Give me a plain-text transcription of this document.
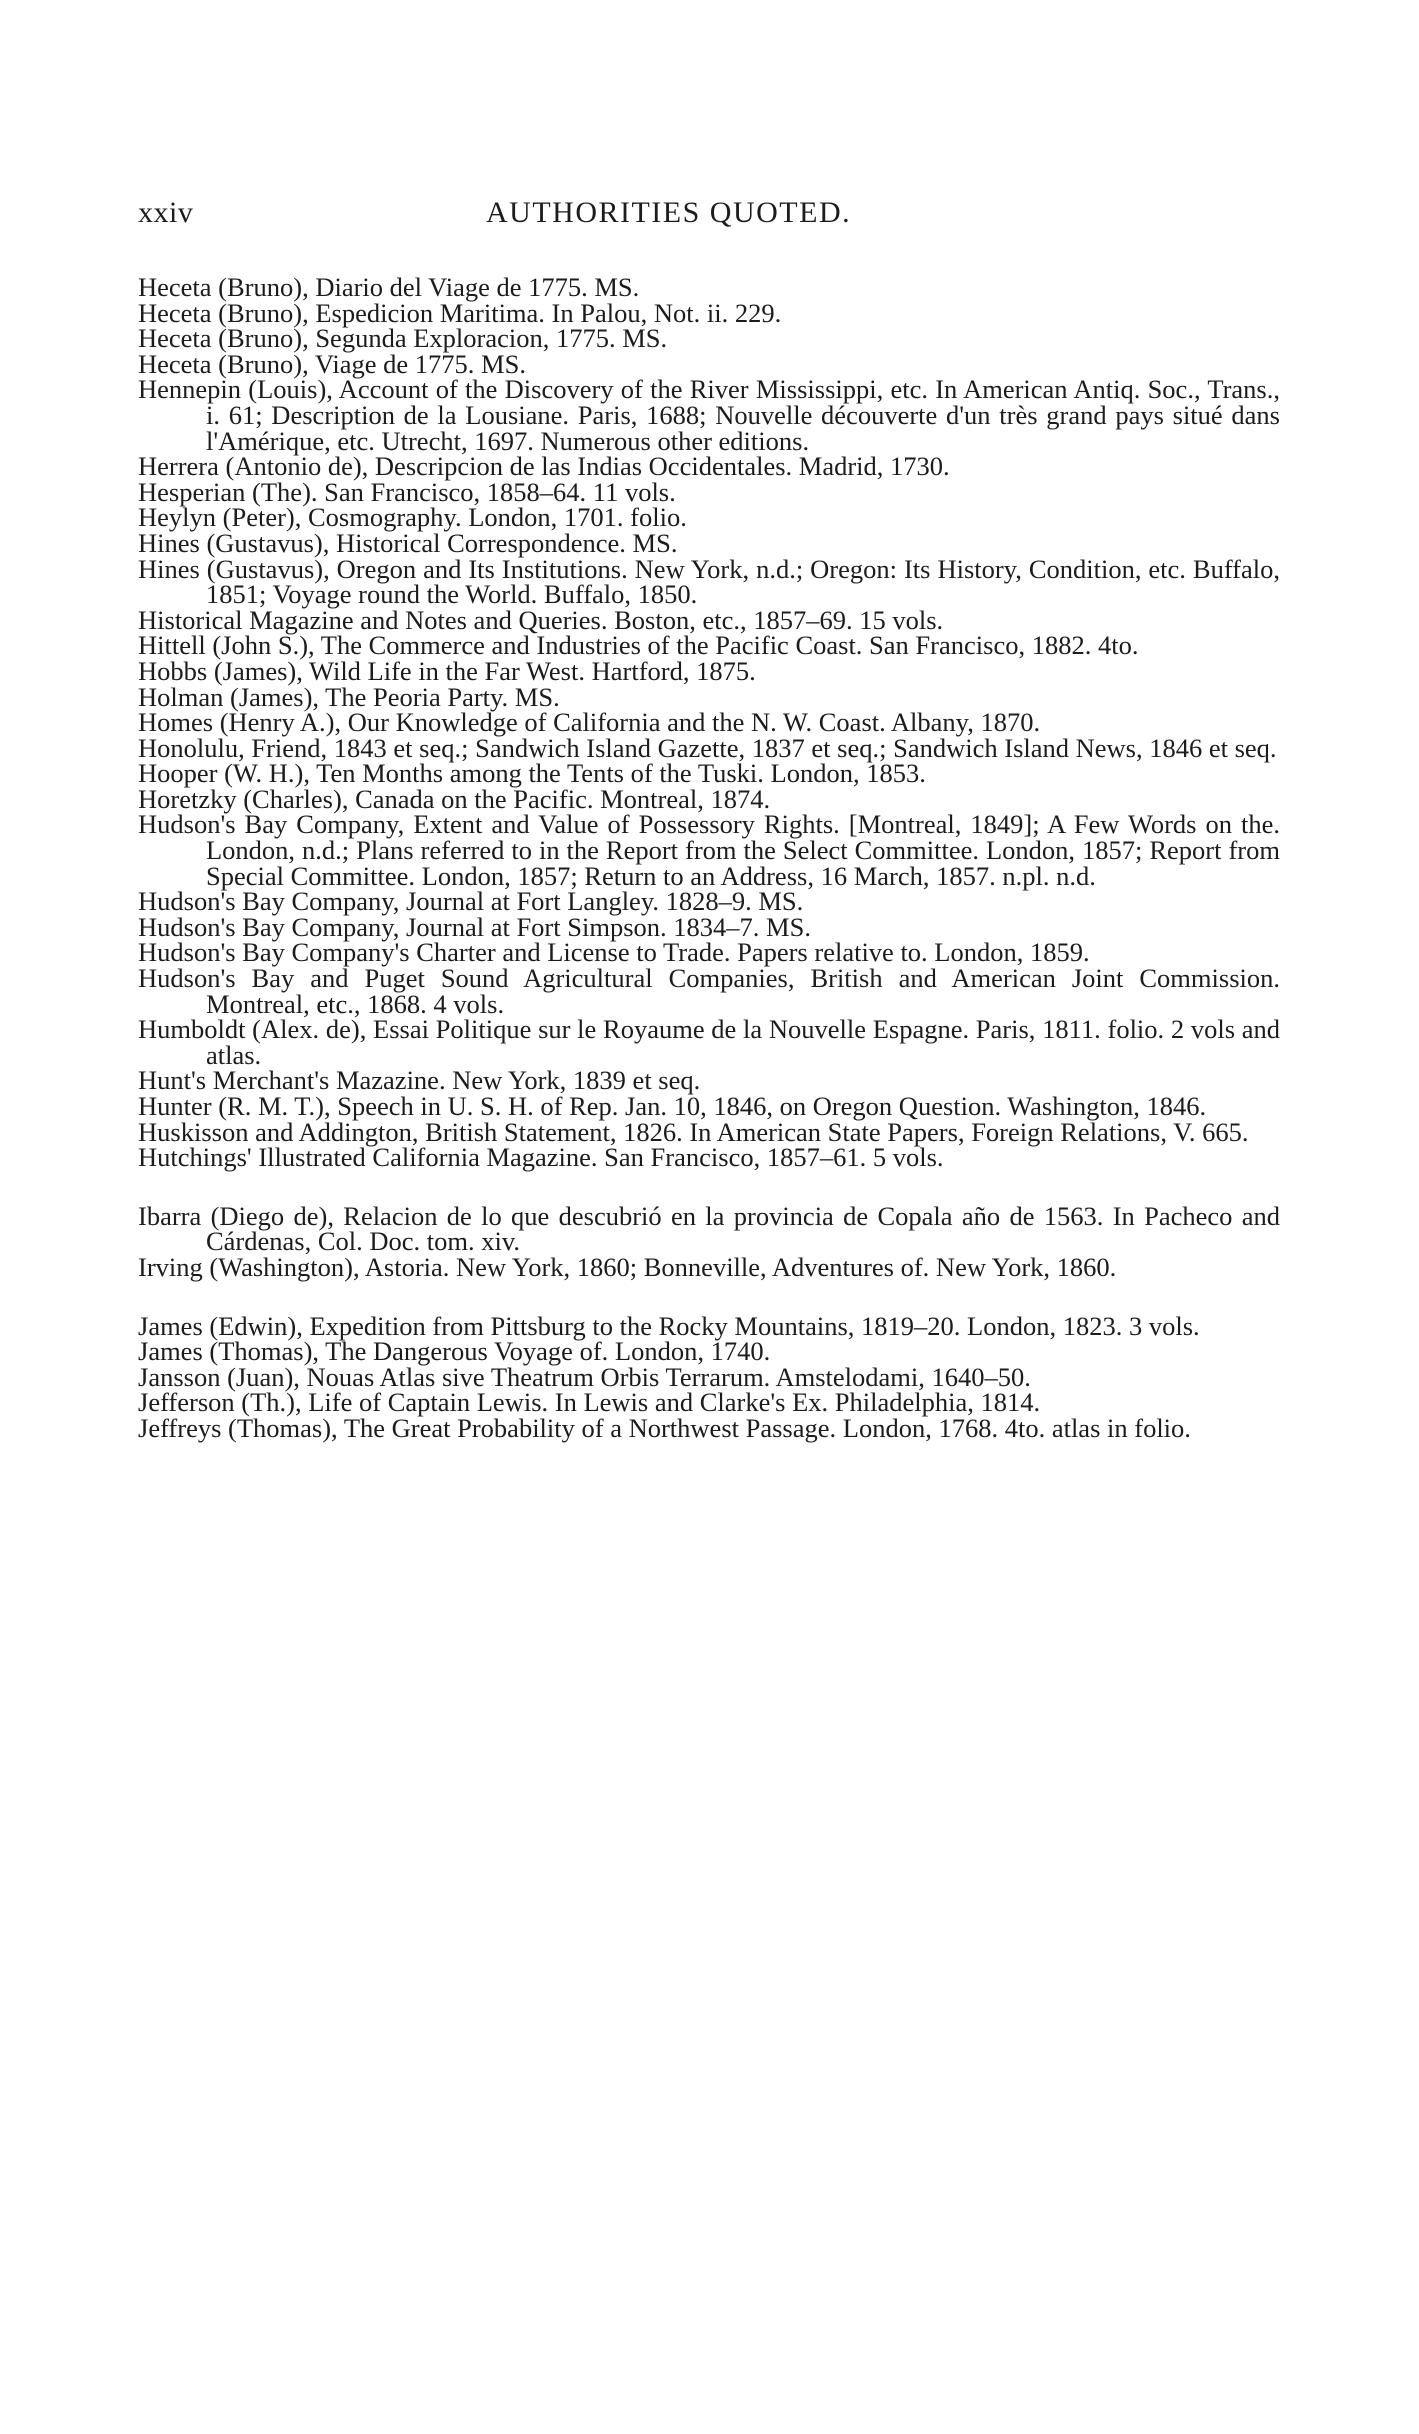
xxiv	AUTHORITIES QUOTED.

Heceta (Bruno), Diario del Viage de 1775. MS.

Heceta (Bruno), Espedicion Maritima. In Palou, Not. ii. 229.

Heceta (Bruno), Segunda Exploracion, 1775. MS.

Heceta (Bruno), Viage de 1775. MS.

Hennepin (Louis), Account of the Discovery of the River Mississippi, etc. In American Antiq. Soc., Trans., i. 61; Description de la Lousiane. Paris, 1688; Nouvelle découverte d'un très grand pays situé dans l'Amérique, etc. Utrecht, 1697. Numerous other editions.

Herrera (Antonio de), Descripcion de las Indias Occidentales. Madrid, 1730.

Hesperian (The). San Francisco, 1858–64. 11 vols.

Heylyn (Peter), Cosmography. London, 1701. folio.

Hines (Gustavus), Historical Correspondence. MS.

Hines (Gustavus), Oregon and Its Institutions. New York, n.d.; Oregon: Its History, Condition, etc. Buffalo, 1851; Voyage round the World. Buffalo, 1850.

Historical Magazine and Notes and Queries. Boston, etc., 1857–69. 15 vols.

Hittell (John S.), The Commerce and Industries of the Pacific Coast. San Francisco, 1882. 4to.

Hobbs (James), Wild Life in the Far West. Hartford, 1875.

Holman (James), The Peoria Party. MS.

Homes (Henry A.), Our Knowledge of California and the N. W. Coast. Albany, 1870.

Honolulu, Friend, 1843 et seq.; Sandwich Island Gazette, 1837 et seq.; Sandwich Island News, 1846 et seq.

Hooper (W. H.), Ten Months among the Tents of the Tuski. London, 1853.

Horetzky (Charles), Canada on the Pacific. Montreal, 1874.

Hudson's Bay Company, Extent and Value of Possessory Rights. [Montreal, 1849]; A Few Words on the. London, n.d.; Plans referred to in the Report from the Select Committee. London, 1857; Report from Special Committee. London, 1857; Return to an Address, 16 March, 1857. n.pl. n.d.

Hudson's Bay Company, Journal at Fort Langley. 1828–9. MS.

Hudson's Bay Company, Journal at Fort Simpson. 1834–7. MS.

Hudson's Bay Company's Charter and License to Trade. Papers relative to. London, 1859.

Hudson's Bay and Puget Sound Agricultural Companies, British and American Joint Commission. Montreal, etc., 1868. 4 vols.

Humboldt (Alex. de), Essai Politique sur le Royaume de la Nouvelle Espagne. Paris, 1811. folio. 2 vols and atlas.

Hunt's Merchant's Mazazine. New York, 1839 et seq.

Hunter (R. M. T.), Speech in U. S. H. of Rep. Jan. 10, 1846, on Oregon Question. Washington, 1846.

Huskisson and Addington, British Statement, 1826. In American State Papers, Foreign Relations, V. 665.

Hutchings' Illustrated California Magazine. San Francisco, 1857–61. 5 vols.

Ibarra (Diego de), Relacion de lo que descubrió en la provincia de Copala año de 1563. In Pacheco and Cárdenas, Col. Doc. tom. xiv.

Irving (Washington), Astoria. New York, 1860; Bonneville, Adventures of. New York, 1860.

James (Edwin), Expedition from Pittsburg to the Rocky Mountains, 1819–20. London, 1823. 3 vols.

James (Thomas), The Dangerous Voyage of. London, 1740.

Jansson (Juan), Nouas Atlas sive Theatrum Orbis Terrarum. Amstelodami, 1640–50.

Jefferson (Th.), Life of Captain Lewis. In Lewis and Clarke's Ex. Philadelphia, 1814.

Jeffreys (Thomas), The Great Probability of a Northwest Passage. London, 1768. 4to. atlas in folio.
